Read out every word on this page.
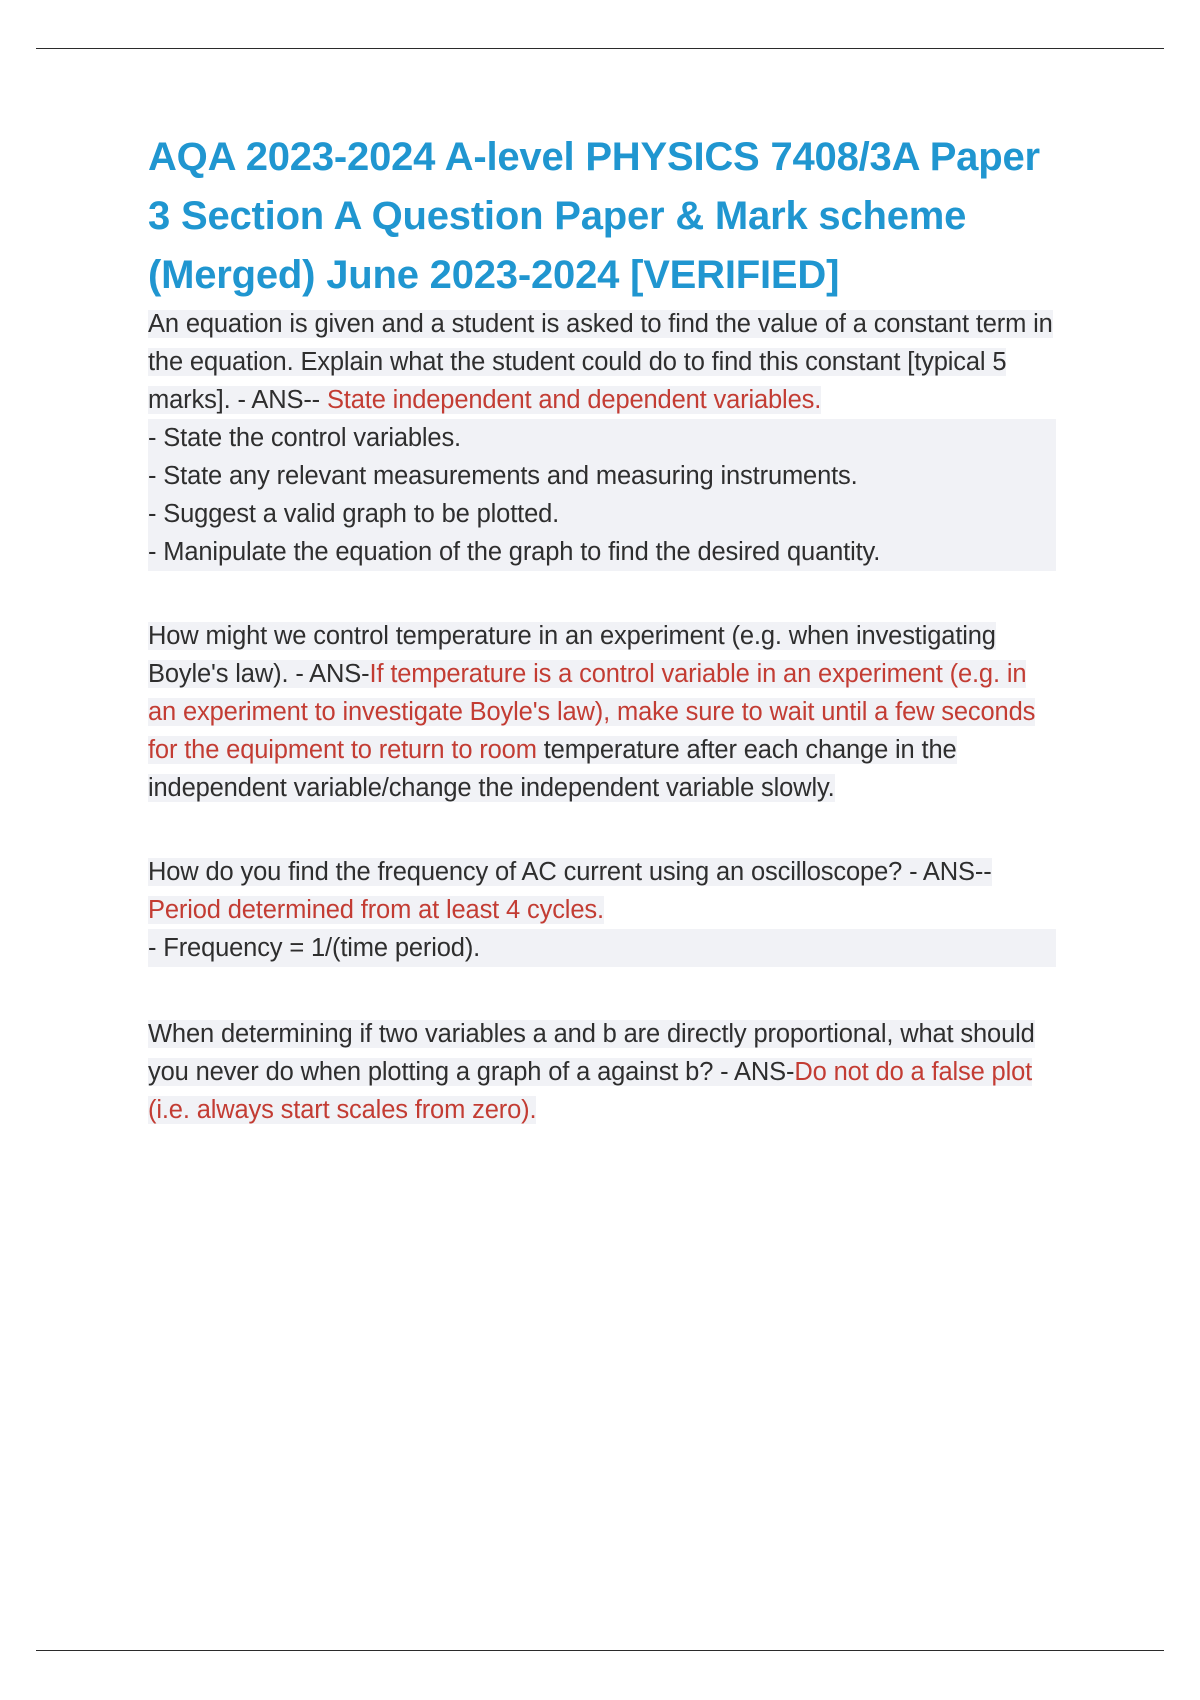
AQA 2023-2024 A-level PHYSICS 7408/3A Paper 3 Section A Question Paper & Mark scheme (Merged) June 2023-2024 [VERIFIED]
An equation is given and a student is asked to find the value of a constant term in the equation. Explain what the student could do to find this constant [typical 5 marks]. - ANS-- State independent and dependent variables.

- State the control variables.
- State any relevant measurements and measuring instruments.
- Suggest a valid graph to be plotted.
- Manipulate the equation of the graph to find the desired quantity.
How might we control temperature in an experiment (e.g. when investigating Boyle's law). - ANS-If temperature is a control variable in an experiment (e.g. in an experiment to investigate Boyle's law), make sure to wait until a few seconds for the equipment to return to room temperature after each change in the independent variable/change the independent variable slowly.
How do you find the frequency of AC current using an oscilloscope? - ANS-- Period determined from at least 4 cycles.

- Frequency = 1/(time period).
When determining if two variables a and b are directly proportional, what should you never do when plotting a graph of a against b? - ANS-Do not do a false plot (i.e. always start scales from zero).
